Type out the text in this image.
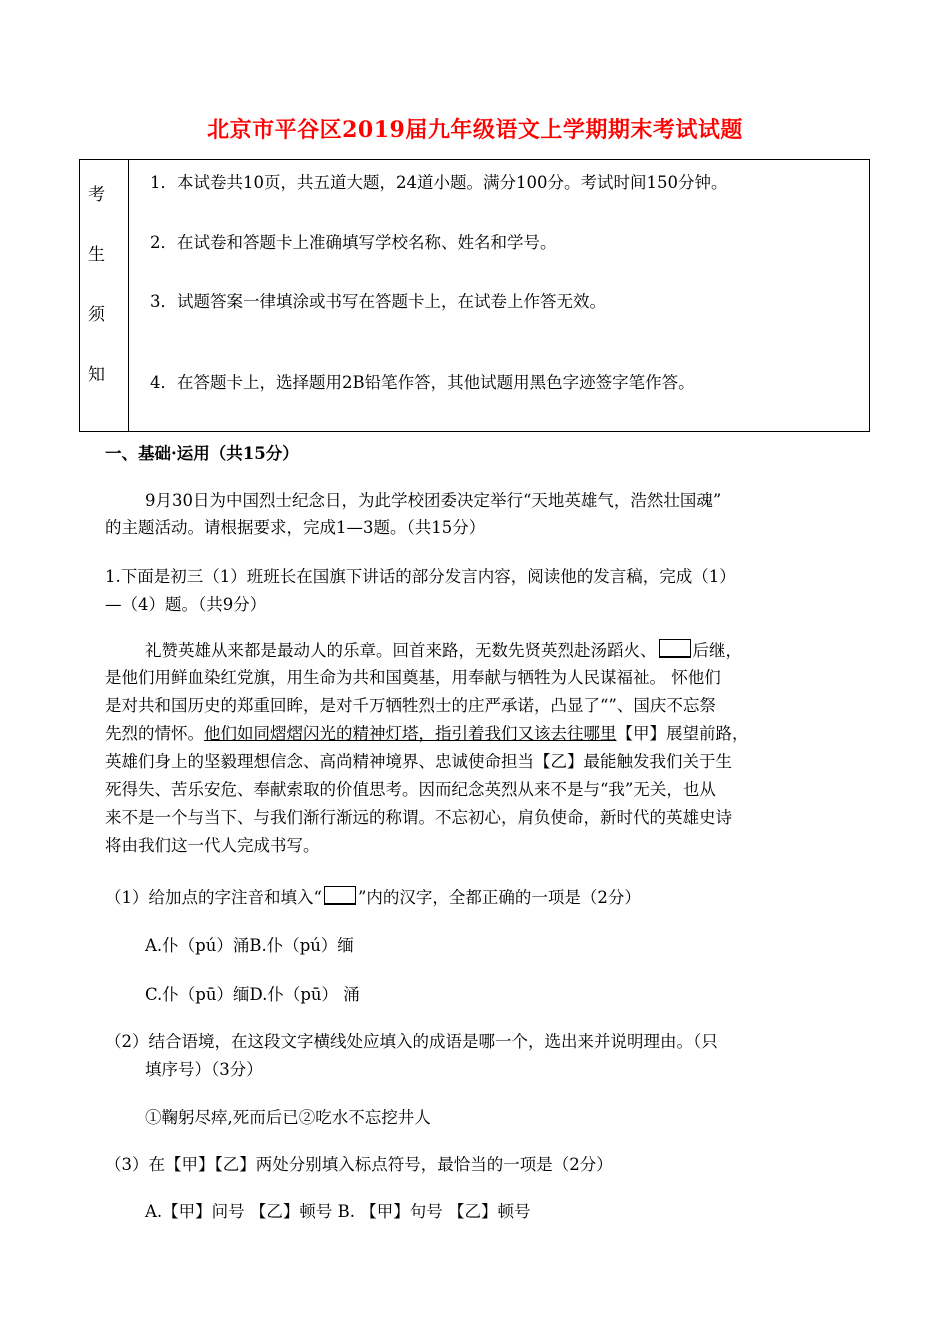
北京市平谷区2019届九年级语文上学期期末考试试题
考
生
须
知
1．本试卷共10页，共五道大题，24道小题。满分100分。考试时间150分钟。
2．在试卷和答题卡上准确填写学校名称、姓名和学号。
3．试题答案一律填涂或书写在答题卡上，在试卷上作答无效。
4．在答题卡上，选择题用2B铅笔作答，其他试题用黑色字迹签字笔作答。
一、基础·运用（共15分）
9月30日为中国烈士纪念日，为此学校团委决定举行“天地英雄气，浩然壮国魂”
的主题活动。请根据要求，完成1—3题。（共15分）
1.下面是初三（1）班班长在国旗下讲话的部分发言内容，阅读他的发言稿，完成（1）
—（4）题。（共9分）
礼赞英雄从来都是最动人的乐章。回首来路，无数先贤英烈赴汤蹈火、 后继，
是他们用鲜血染红党旗，用生命为共和国奠基，用奉献与牺牲为人民谋福祉。 怀他们
是对共和国历史的郑重回眸，是对千万牺牲烈士的庄严承诺，凸显了“”、国庆不忘祭
先烈的情怀。他们如同熠熠闪光的精神灯塔，指引着我们又该去往哪里【甲】展望前路，
英雄们身上的坚毅理想信念、高尚精神境界、忠诚使命担当【乙】最能触发我们关于生
死得失、苦乐安危、奉献索取的价值思考。因而纪念英烈从来不是与“我”无关，也从
来不是一个与当下、与我们渐行渐远的称谓。不忘初心，肩负使命，新时代的英雄史诗
将由我们这一代人完成书写。
（1）给加点的字注音和填入“ ”内的汉字，全都正确的一项是（2分）
A.仆（pú）涌B.仆（pú）缅
C.仆（pū）缅D.仆（pū） 涌
（2）结合语境，在这段文字横线处应填入的成语是哪一个，选出来并说明理由。（只
填序号）（3分）
①鞠躬尽瘁,死而后已②吃水不忘挖井人
（3）在【甲】【乙】两处分别填入标点符号，最恰当的一项是（2分）
A.【甲】问号 【乙】顿号 B. 【甲】句号 【乙】顿号
